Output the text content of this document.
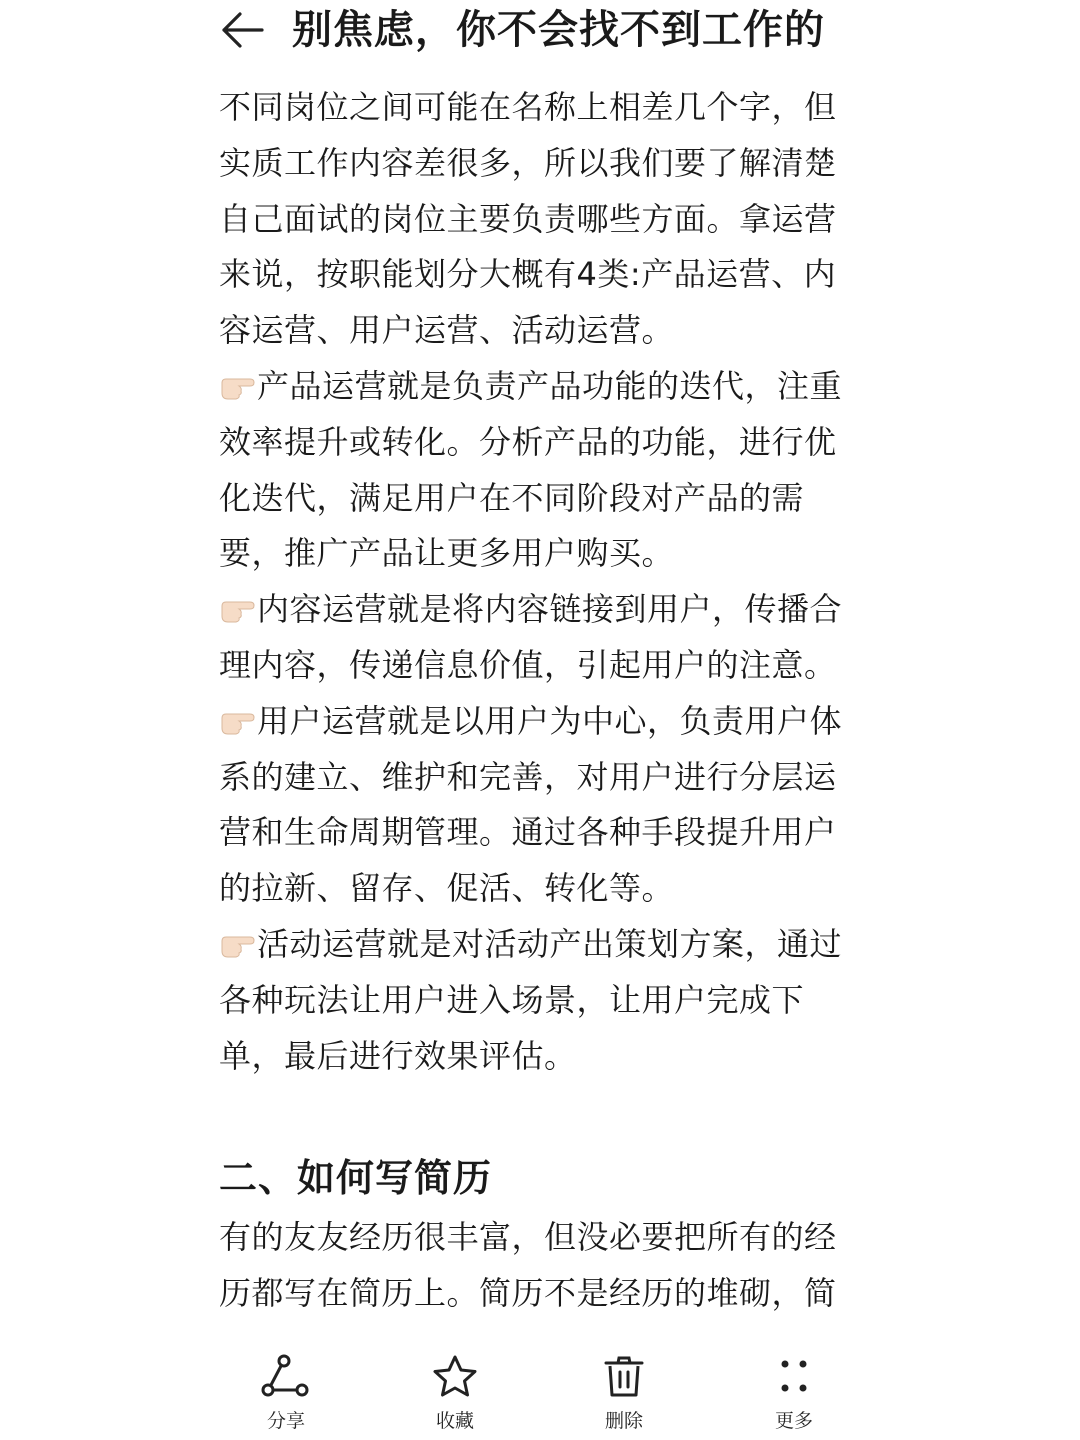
别焦虑，你不会找不到工作的

不同岗位之间可能在名称上相差几个字，但实质工作内容差很多，所以我们要了解清楚自己面试的岗位主要负责哪些方面。拿运营来说，按职能划分大概有4类:产品运营、内容运营、用户运营、活动运营。

产品运营就是负责产品功能的迭代，注重效率提升或转化。分析产品的功能，进行优化迭代，满足用户在不同阶段对产品的需要，推广产品让更多用户购买。

内容运营就是将内容链接到用户，传播合理内容，传递信息价值，引起用户的注意。

用户运营就是以用户为中心，负责用户体系的建立、维护和完善，对用户进行分层运营和生命周期管理。通过各种手段提升用户的拉新、留存、促活、转化等。

活动运营就是对活动产出策划方案，通过各种玩法让用户进入场景，让用户完成下单，最后进行效果评估。

二、如何写简历

有的友友经历很丰富，但没必要把所有的经历都写在简历上。简历不是经历的堆砌，简

分享	收藏	删除	更多
